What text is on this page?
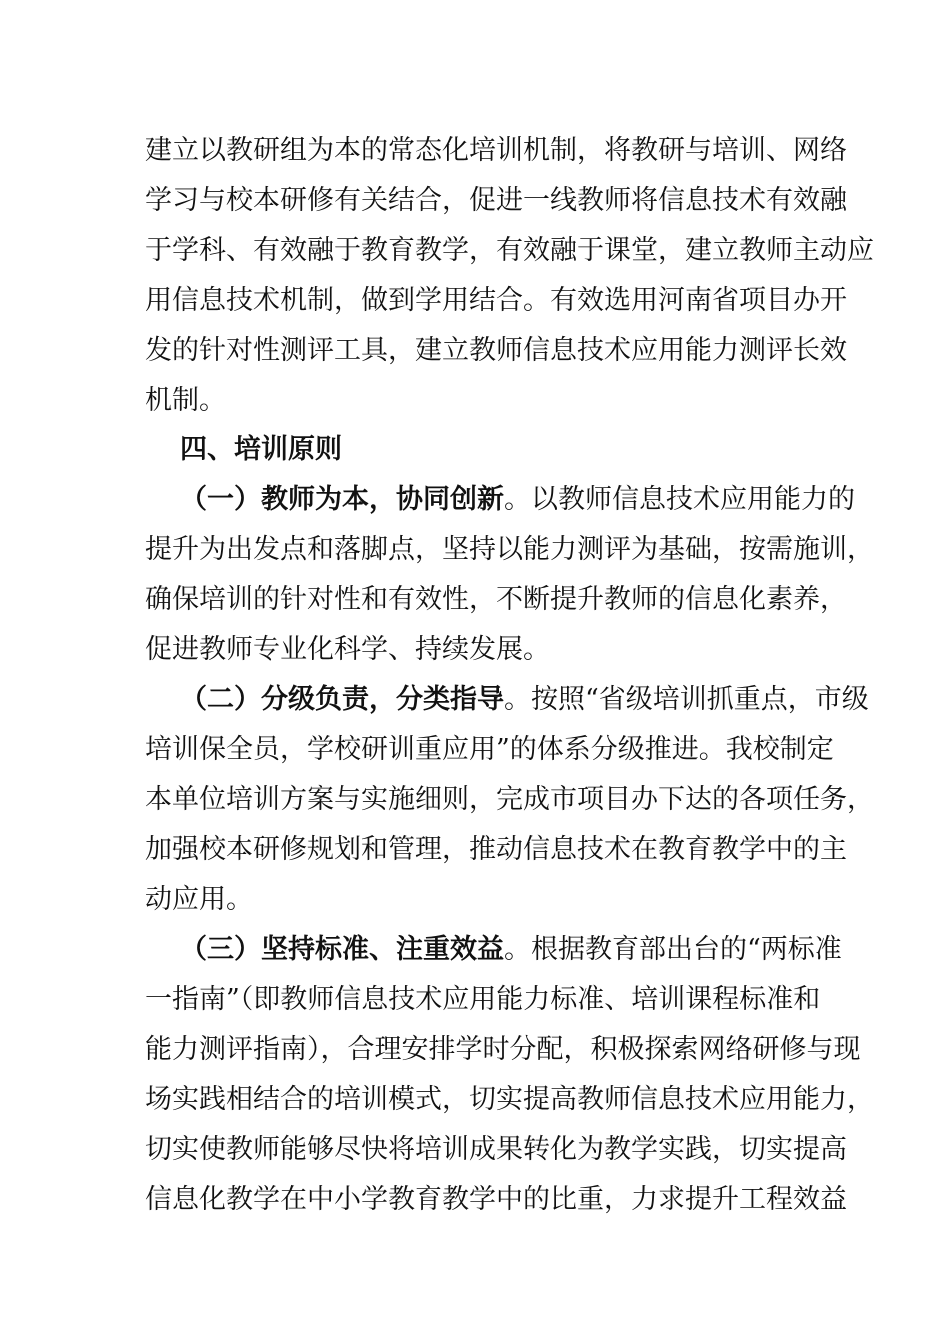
建立以教研组为本的常态化培训机制，将教研与培训、网络
学习与校本研修有关结合，促进一线教师将信息技术有效融
于学科、有效融于教育教学，有效融于课堂，建立教师主动应
用信息技术机制，做到学用结合。有效选用河南省项目办开
发的针对性测评工具，建立教师信息技术应用能力测评长效
机制。
四、培训原则
（一）教师为本，协同创新。以教师信息技术应用能力的
提升为出发点和落脚点，坚持以能力测评为基础，按需施训，
确保培训的针对性和有效性，不断提升教师的信息化素养，
促进教师专业化科学、持续发展。
（二）分级负责，分类指导。按照“省级培训抓重点，市级
培训保全员，学校研训重应用”的体系分级推进。我校制定
本单位培训方案与实施细则，完成市项目办下达的各项任务，
加强校本研修规划和管理，推动信息技术在教育教学中的主
动应用。
（三）坚持标准、注重效益。根据教育部出台的“两标准
一指南”（即教师信息技术应用能力标准、培训课程标准和
能力测评指南），合理安排学时分配，积极探索网络研修与现
场实践相结合的培训模式，切实提高教师信息技术应用能力，
切实使教师能够尽快将培训成果转化为教学实践，切实提高
信息化教学在中小学教育教学中的比重，力求提升工程效益
